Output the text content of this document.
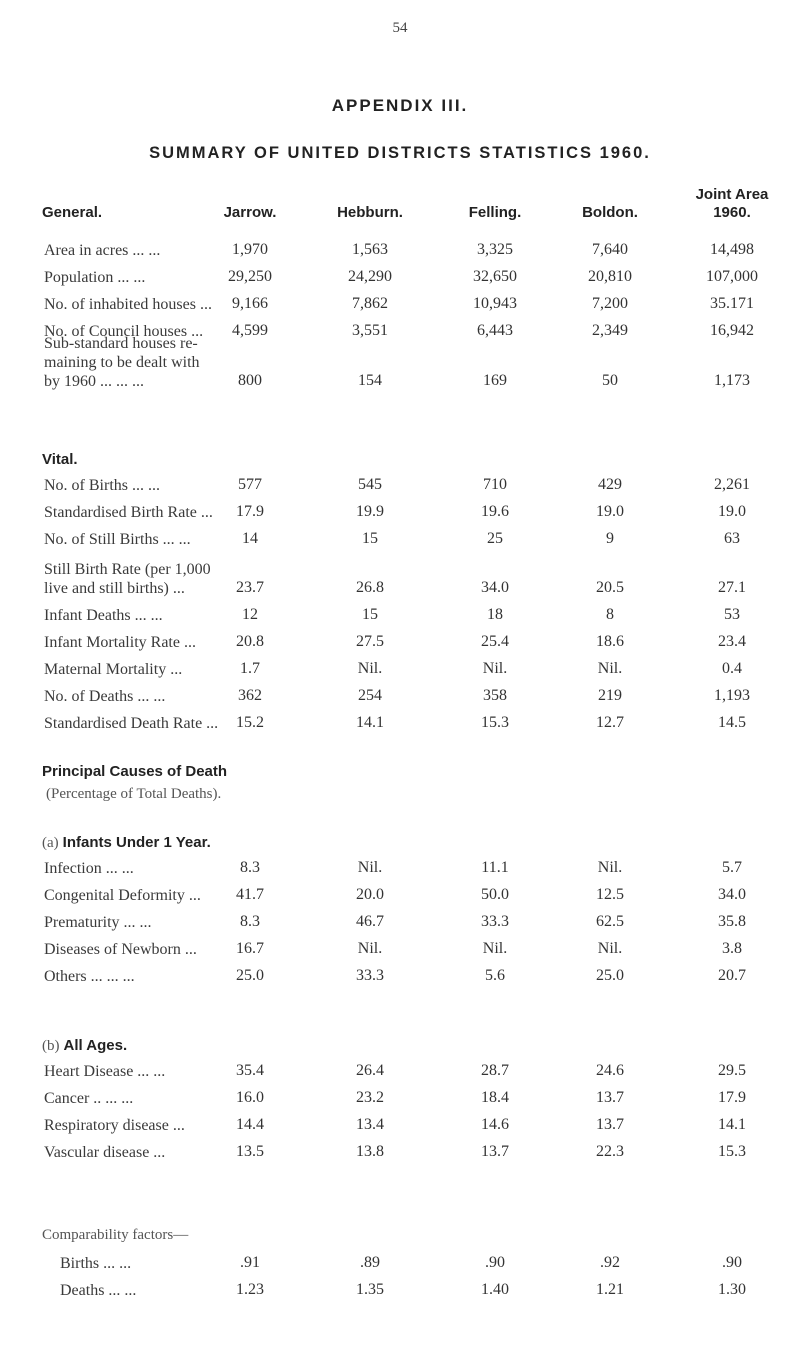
54
APPENDIX III.
SUMMARY OF UNITED DISTRICTS STATISTICS 1960.
General.	Jarrow.	Hebburn.	Felling.	Boldon.
Joint Area
1960.
Vital.
Principal Causes of Death
(Percentage of Total Deaths).
(a) Infants Under 1 Year.
(b) All Ages.
Comparability factors—
Area in acres ... ...	1,970	1,563	3,325	7,640	14,498
Population ... ...	29,250	24,290	32,650	20,810	107,000
No. of inhabited houses ...	9,166	7,862	10,943	7,200	35.171
No. of Council houses ...	4,599	3,551	6,443	2,349	16,942
Sub-standard houses re-
maining to be dealt with
by 1960 ... ... ...	800	154	169	50	1,173
No. of Births ... ...	577	545	710	429	2,261
Standardised Birth Rate ...	17.9	19.9	19.6	19.0	19.0
No. of Still Births ... ...	14	15	25	9	63
Still Birth Rate (per 1,000
live and still births) ...	23.7	26.8	34.0	20.5	27.1
Infant Deaths ... ...	12	15	18	8	53
Infant Mortality Rate ...	20.8	27.5	25.4	18.6	23.4
Maternal Mortality ...	1.7	Nil.	Nil.	Nil.	0.4
No. of Deaths ... ...	362	254	358	219	1,193
Standardised Death Rate ...	15.2	14.1	15.3	12.7	14.5
Infection ... ...	8.3	Nil.	11.1	Nil.	5.7
Congenital Deformity ...	41.7	20.0	50.0	12.5	34.0
Prematurity ... ...	8.3	46.7	33.3	62.5	35.8
Diseases of Newborn ...	16.7	Nil.	Nil.	Nil.	3.8
Others ... ... ...	25.0	33.3	5.6	25.0	20.7
Heart Disease ... ...	35.4	26.4	28.7	24.6	29.5
Cancer .. ... ...	16.0	23.2	18.4	13.7	17.9
Respiratory disease ...	14.4	13.4	14.6	13.7	14.1
Vascular disease ...	13.5	13.8	13.7	22.3	15.3
Births ... ...	.91	.89	.90	.92	.90
Deaths ... ...	1.23	1.35	1.40	1.21	1.30
